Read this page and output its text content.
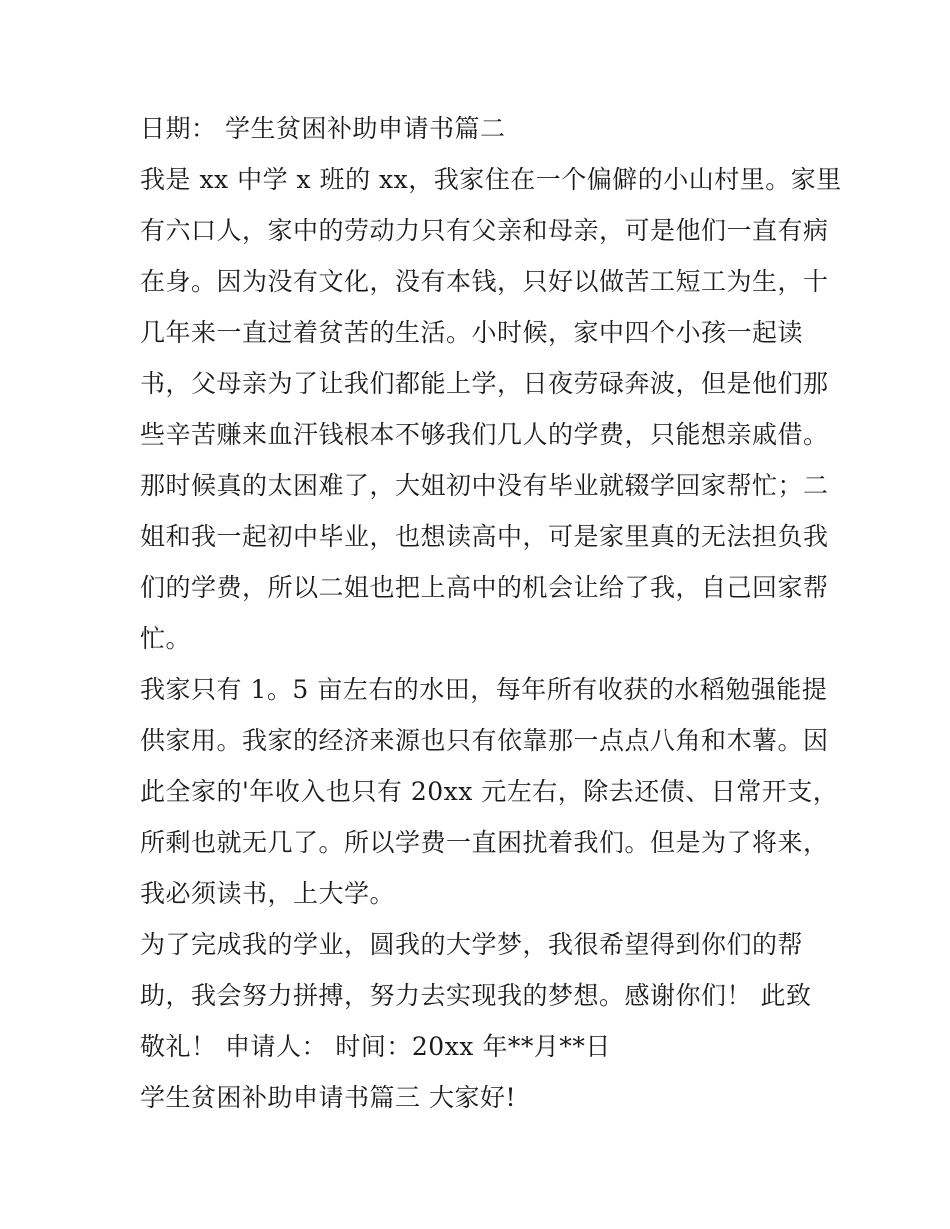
日期： 学生贫困补助申请书篇二
我是 xx 中学 x 班的 xx，我家住在一个偏僻的小山村里。家里
有六口人，家中的劳动力只有父亲和母亲，可是他们一直有病
在身。因为没有文化，没有本钱，只好以做苦工短工为生，十
几年来一直过着贫苦的生活。小时候，家中四个小孩一起读
书，父母亲为了让我们都能上学，日夜劳碌奔波，但是他们那
些辛苦赚来血汗钱根本不够我们几人的学费，只能想亲戚借。
那时候真的太困难了，大姐初中没有毕业就辍学回家帮忙；二
姐和我一起初中毕业，也想读高中，可是家里真的无法担负我
们的学费，所以二姐也把上高中的机会让给了我，自己回家帮
忙。
我家只有 1。5 亩左右的水田，每年所有收获的水稻勉强能提
供家用。我家的经济来源也只有依靠那一点点八角和木薯。因
此全家的'年收入也只有 20xx 元左右，除去还债、日常开支，
所剩也就无几了。所以学费一直困扰着我们。但是为了将来，
我必须读书，上大学。
为了完成我的学业，圆我的大学梦，我很希望得到你们的帮
助，我会努力拼搏，努力去实现我的梦想。感谢你们！ 此致
敬礼！ 申请人： 时间：20xx 年**月**日
学生贫困补助申请书篇三 大家好!
